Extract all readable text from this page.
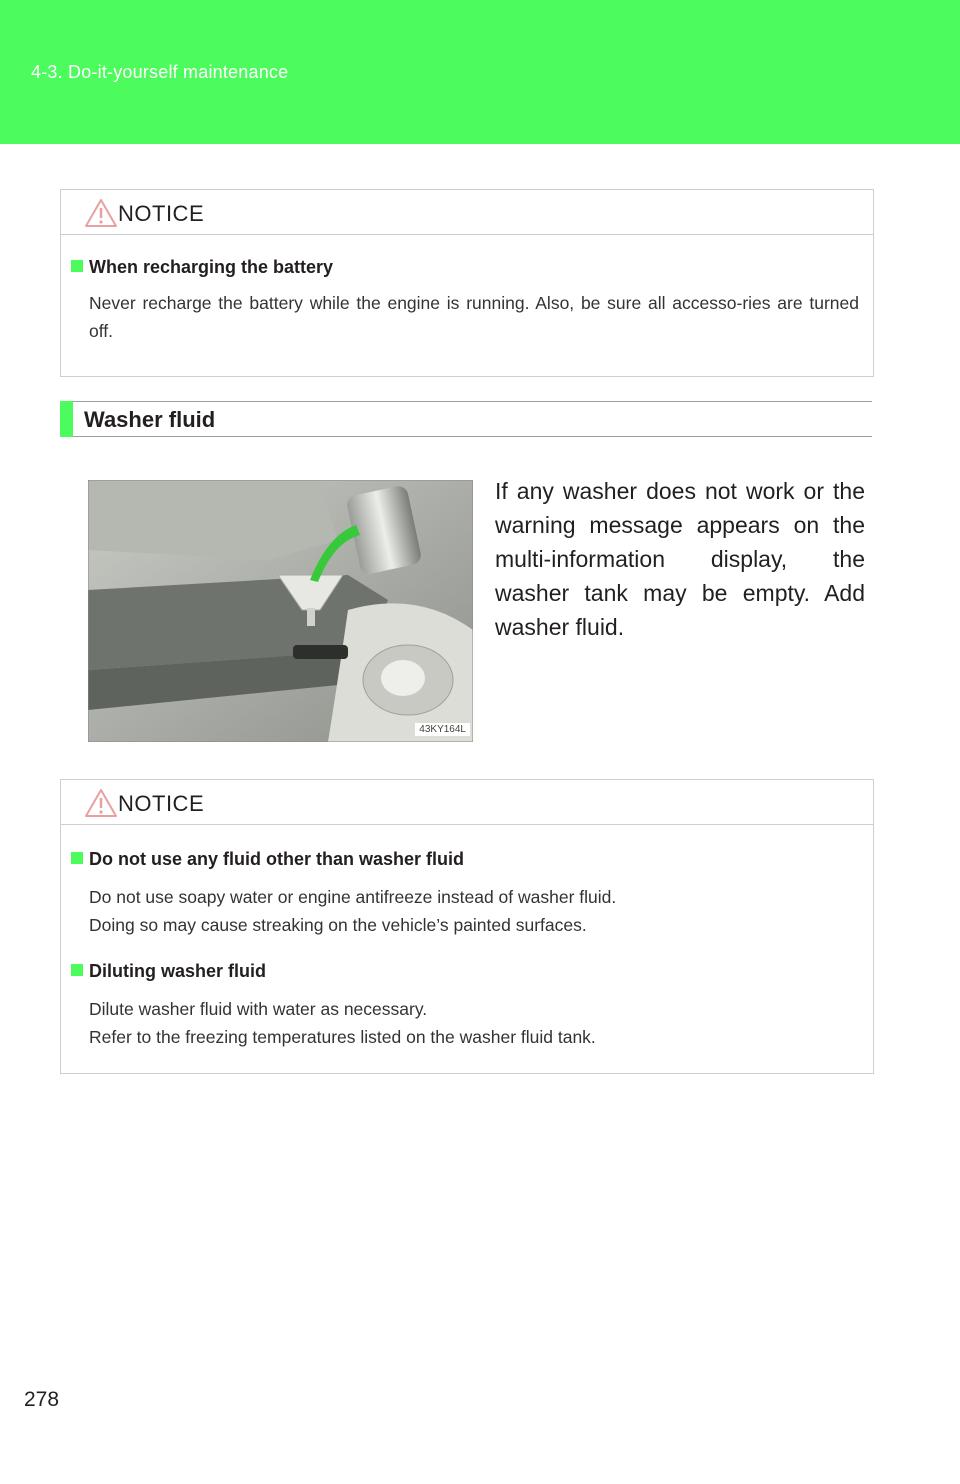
4-3. Do-it-yourself maintenance
NOTICE
When recharging the battery
Never recharge the battery while the engine is running. Also, be sure all accesso-ries are turned off.
Washer fluid
43KY164L
If any washer does not work or the warning message appears on the multi-information display, the washer tank may be empty. Add washer fluid.
NOTICE
Do not use any fluid other than washer fluid
Do not use soapy water or engine antifreeze instead of washer fluid.
Doing so may cause streaking on the vehicle’s painted surfaces.
Diluting washer fluid
Dilute washer fluid with water as necessary.
Refer to the freezing temperatures listed on the washer fluid tank.
278
